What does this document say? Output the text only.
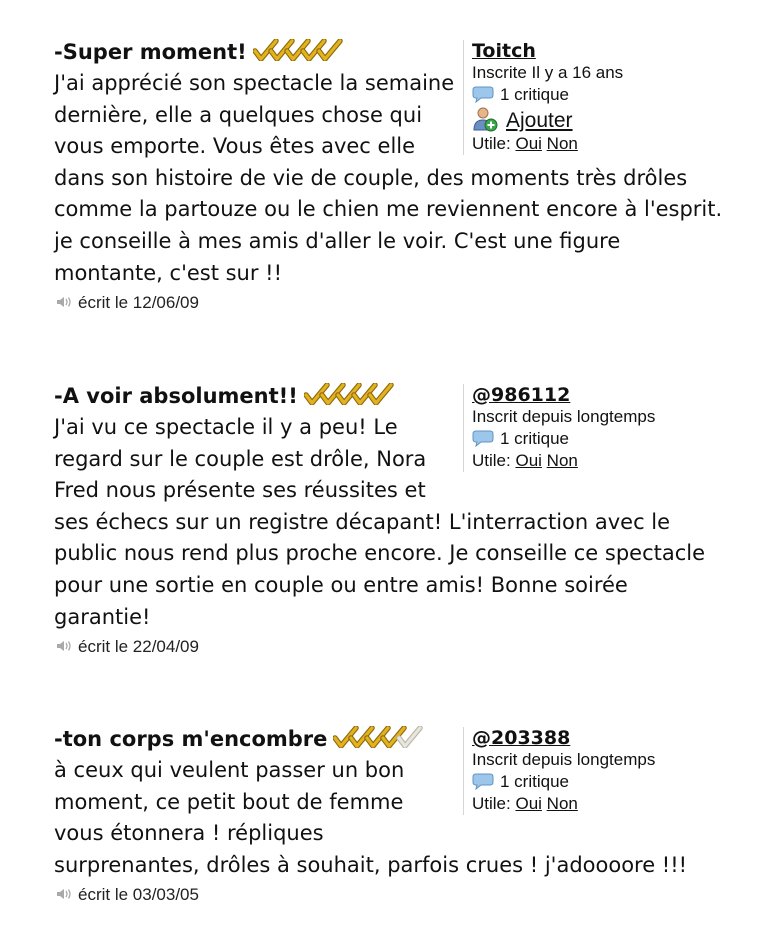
Toitch
Inscrite Il y a 16 ans
1 critique
Ajouter
Utile: Oui Non
-Super moment!
J'ai apprécié son spectacle la semaine dernière, elle a quelques chose qui vous emporte. Vous êtes avec elle dans son histoire de vie de couple, des moments très drôles comme la partouze ou le chien me reviennent encore à l'esprit. je conseille à mes amis d'aller le voir. C'est une figure montante, c'est sur !!
écrit le 12/06/09
@986112
Inscrit depuis longtemps
1 critique
Utile: Oui Non
-A voir absolument!!
J'ai vu ce spectacle il y a peu! Le regard sur le couple est drôle, Nora Fred nous présente ses réussites et ses échecs sur un registre décapant! L'interraction avec le public nous rend plus proche encore. Je conseille ce spectacle pour une sortie en couple ou entre amis! Bonne soirée garantie!
écrit le 22/04/09
@203388
Inscrit depuis longtemps
1 critique
Utile: Oui Non
-ton corps m'encombre
à ceux qui veulent passer un bon moment, ce petit bout de femme vous étonnera ! répliques surprenantes, drôles à souhait, parfois crues ! j'adoooore !!!
écrit le 03/03/05
